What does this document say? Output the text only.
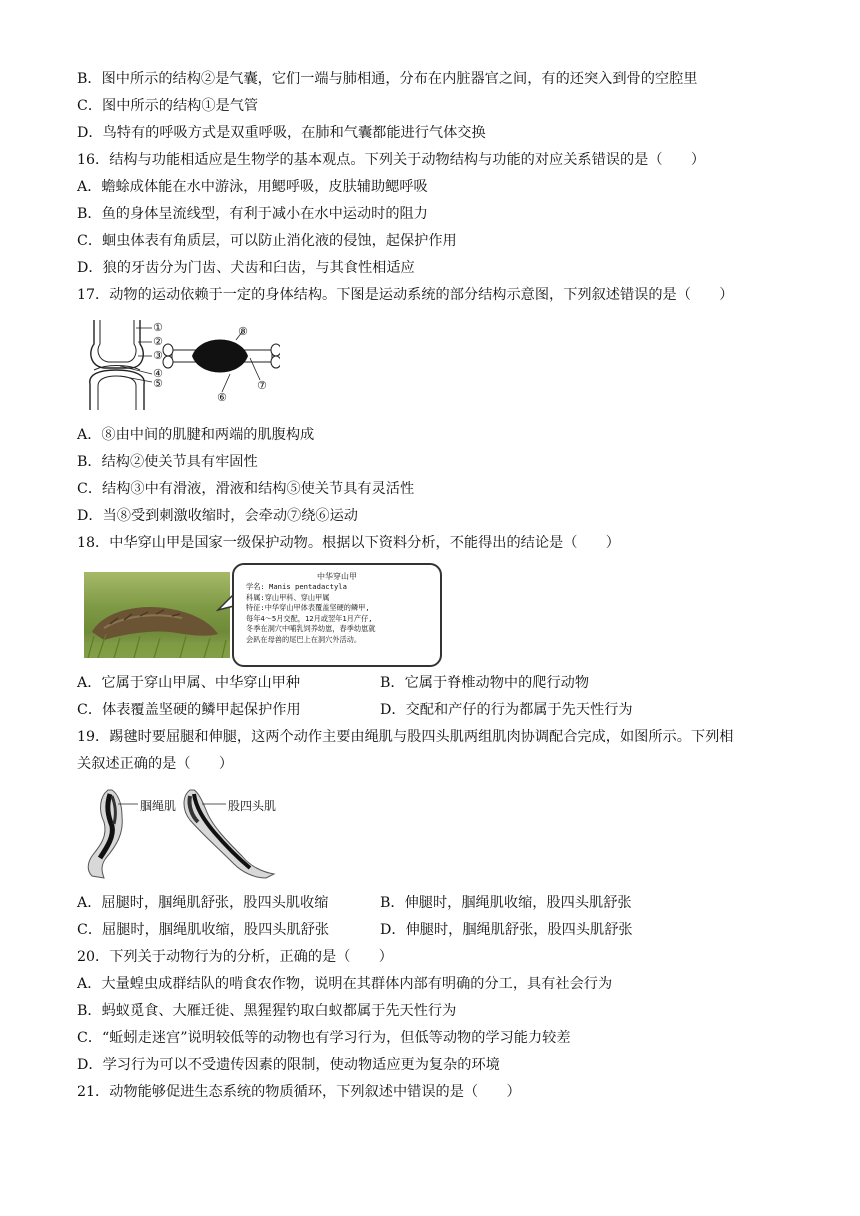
B．图中所示的结构②是气囊，它们一端与肺相通，分布在内脏器官之间，有的还突入到骨的空腔里
C．图中所示的结构①是气管
D．鸟特有的呼吸方式是双重呼吸，在肺和气囊都能进行气体交换
16．结构与功能相适应是生物学的基本观点。下列关于动物结构与功能的对应关系错误的是（　　）
A．蟾蜍成体能在水中游泳，用鳃呼吸，皮肤辅助鳃呼吸
B．鱼的身体呈流线型，有利于减小在水中运动时的阻力
C．蛔虫体表有角质层，可以防止消化液的侵蚀，起保护作用
D．狼的牙齿分为门齿、犬齿和臼齿，与其食性相适应
17．动物的运动依赖于一定的身体结构。下图是运动系统的部分结构示意图，下列叙述错误的是（　　）
①
②
③
④
⑤
⑥
⑦
⑧
A．⑧由中间的肌腱和两端的肌腹构成
B．结构②使关节具有牢固性
C．结构③中有滑液，滑液和结构⑤使关节具有灵活性
D．当⑧受到刺激收缩时，会牵动⑦绕⑥运动
18．中华穿山甲是国家一级保护动物。根据以下资料分析，不能得出的结论是（　　）
中华穿山甲
学名: Manis pentadactyla
科属:穿山甲科、穿山甲属
特征:中华穿山甲体表覆盖坚硬的鳞甲,
每年4～5月交配，12月或翌年1月产仔,
冬季在洞穴中哺乳饲养幼崽，春季幼崽就
会趴在母兽的尾巴上在洞穴外活动。
A．它属于穿山甲属、中华穿山甲种	B．它属于脊椎动物中的爬行动物
C．体表覆盖坚硬的鳞甲起保护作用	D．交配和产仔的行为都属于先天性行为
19．踢毽时要屈腿和伸腿，这两个动作主要由绳肌与股四头肌两组肌肉协调配合完成，如图所示。下列相
关叙述正确的是（　　）
腘绳肌	股四头肌
A．屈腿时，腘绳肌舒张，股四头肌收缩	B．伸腿时，腘绳肌收缩，股四头肌舒张
C．屈腿时，腘绳肌收缩，股四头肌舒张	D．伸腿时，腘绳肌舒张，股四头肌舒张
20．下列关于动物行为的分析，正确的是（　　）
A．大量蝗虫成群结队的啃食农作物，说明在其群体内部有明确的分工，具有社会行为
B．蚂蚁觅食、大雁迁徙、黑猩猩钓取白蚁都属于先天性行为
C．“蚯蚓走迷宫”说明较低等的动物也有学习行为，但低等动物的学习能力较差
D．学习行为可以不受遗传因素的限制，使动物适应更为复杂的环境
21．动物能够促进生态系统的物质循环，下列叙述中错误的是（　　）
